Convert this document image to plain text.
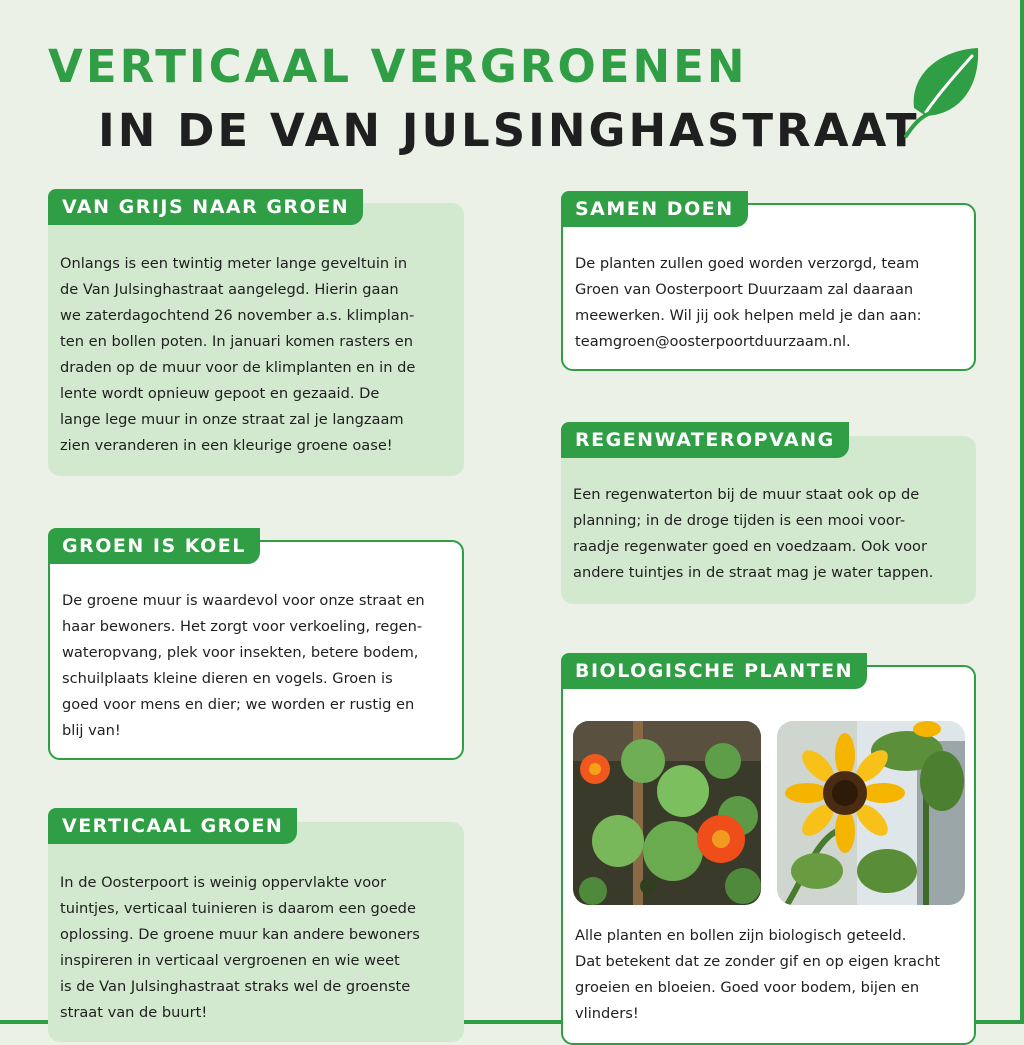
VERTICAAL VERGROENEN
IN DE VAN JULSINGHASTRAAT
VAN GRIJS NAAR GROEN
Onlangs is een twintig meter lange geveltuin in
de Van Julsinghastraat aangelegd. Hierin gaan
we zaterdagochtend 26 november a.s. klimplan-
ten en bollen poten. In januari komen rasters en
draden op de muur voor de klimplanten en in de
lente wordt opnieuw gepoot en gezaaid. De
lange lege muur in onze straat zal je langzaam
zien veranderen in een kleurige groene oase!
GROEN IS KOEL
De groene muur is waardevol voor onze straat en
haar bewoners. Het zorgt voor verkoeling, regen-
wateropvang, plek voor insekten, betere bodem,
schuilplaats kleine dieren en vogels. Groen is
goed voor mens en dier; we worden er rustig en
blij van!
VERTICAAL GROEN
In de Oosterpoort is weinig oppervlakte voor
tuintjes, verticaal tuinieren is daarom een goede
oplossing. De groene muur kan andere bewoners
inspireren in verticaal vergroenen en wie weet
is de Van Julsinghastraat straks wel de groenste
straat van de buurt!
SAMEN DOEN
De planten zullen goed worden verzorgd, team
Groen van Oosterpoort Duurzaam zal daaraan
meewerken. Wil jij ook helpen meld je dan aan:
teamgroen@oosterpoortduurzaam.nl.
REGENWATEROPVANG
Een regenwaterton bij de muur staat ook op de
planning; in de droge tijden is een mooi voor-
raadje regenwater goed en voedzaam. Ook voor
andere tuintjes in de straat mag je water tappen.
BIOLOGISCHE PLANTEN
Alle planten en bollen zijn biologisch geteeld.
Dat betekent dat ze zonder gif en op eigen kracht
groeien en bloeien. Goed voor bodem, bijen en
vlinders!
